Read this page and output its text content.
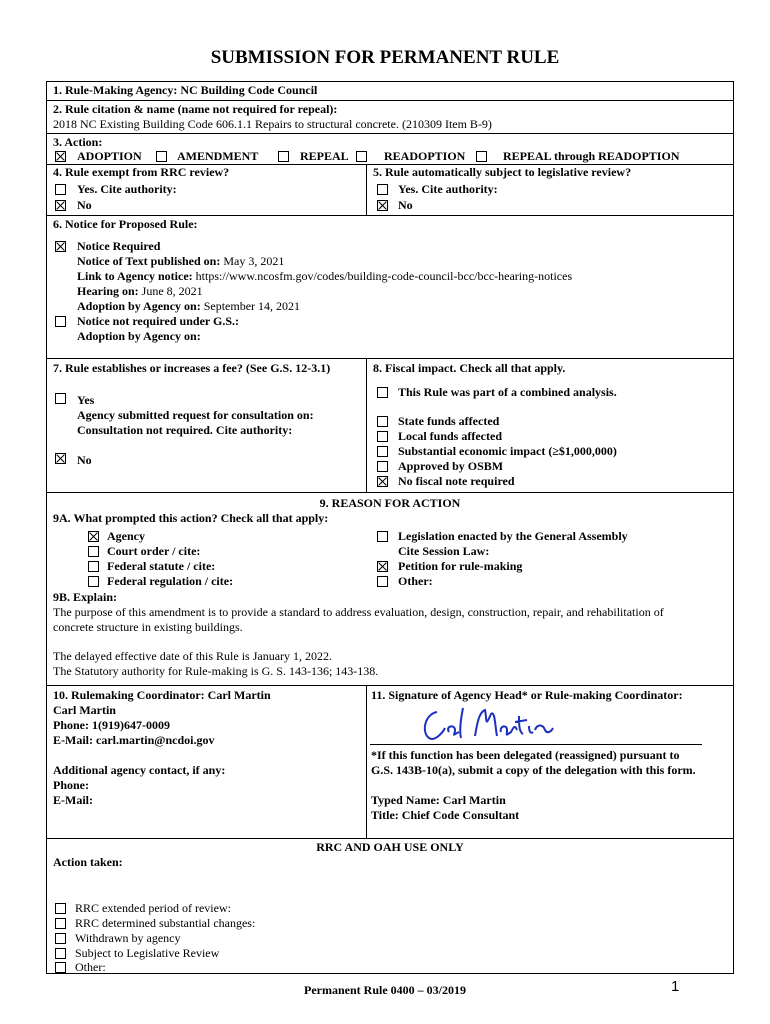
SUBMISSION FOR PERMANENT RULE
1. Rule-Making Agency: NC Building Code Council
2. Rule citation & name (name not required for repeal):
2018 NC Existing Building Code 606.1.1 Repairs to structural concrete. (210309 Item B-9)
3. Action:
ADOPTION	AMENDMENT	REPEAL	READOPTION	REPEAL through READOPTION
4. Rule exempt from RRC review?
Yes. Cite authority:
No
5. Rule automatically subject to legislative review?
Yes. Cite authority:
No
6. Notice for Proposed Rule:
Notice Required
Notice of Text published on: May 3, 2021
Link to Agency notice: https://www.ncosfm.gov/codes/building-code-council-bcc/bcc-hearing-notices
Hearing on: June 8, 2021
Adoption by Agency on: September 14, 2021
Notice not required under G.S.:
Adoption by Agency on:
7. Rule establishes or increases a fee? (See G.S. 12-3.1)
Yes
Agency submitted request for consultation on:
Consultation not required. Cite authority:
No
8. Fiscal impact. Check all that apply.
This Rule was part of a combined analysis.
State funds affected
Local funds affected
Substantial economic impact (≥$1,000,000)
Approved by OSBM
No fiscal note required
9. REASON FOR ACTION
9A. What prompted this action? Check all that apply:
Agency
Court order / cite:
Federal statute / cite:
Federal regulation / cite:
Legislation enacted by the General Assembly
Cite Session Law:
Petition for rule-making
Other:
9B. Explain:
The purpose of this amendment is to provide a standard to address evaluation, design, construction, repair, and rehabilitation of
concrete structure in existing buildings.
The delayed effective date of this Rule is January 1, 2022.
The Statutory authority for Rule-making is G. S. 143-136; 143-138.
10. Rulemaking Coordinator: Carl Martin
Carl Martin
Phone: 1(919)647-0009
E-Mail: carl.martin@ncdoi.gov
Additional agency contact, if any:
Phone:
E-Mail:
11. Signature of Agency Head* or Rule-making Coordinator:
*If this function has been delegated (reassigned) pursuant to
G.S. 143B-10(a), submit a copy of the delegation with this form.
Typed Name: Carl Martin
Title: Chief Code Consultant
RRC AND OAH USE ONLY
Action taken:
RRC extended period of review:
RRC determined substantial changes:
Withdrawn by agency
Subject to Legislative Review
Other:
Permanent Rule 0400 – 03/2019	1
